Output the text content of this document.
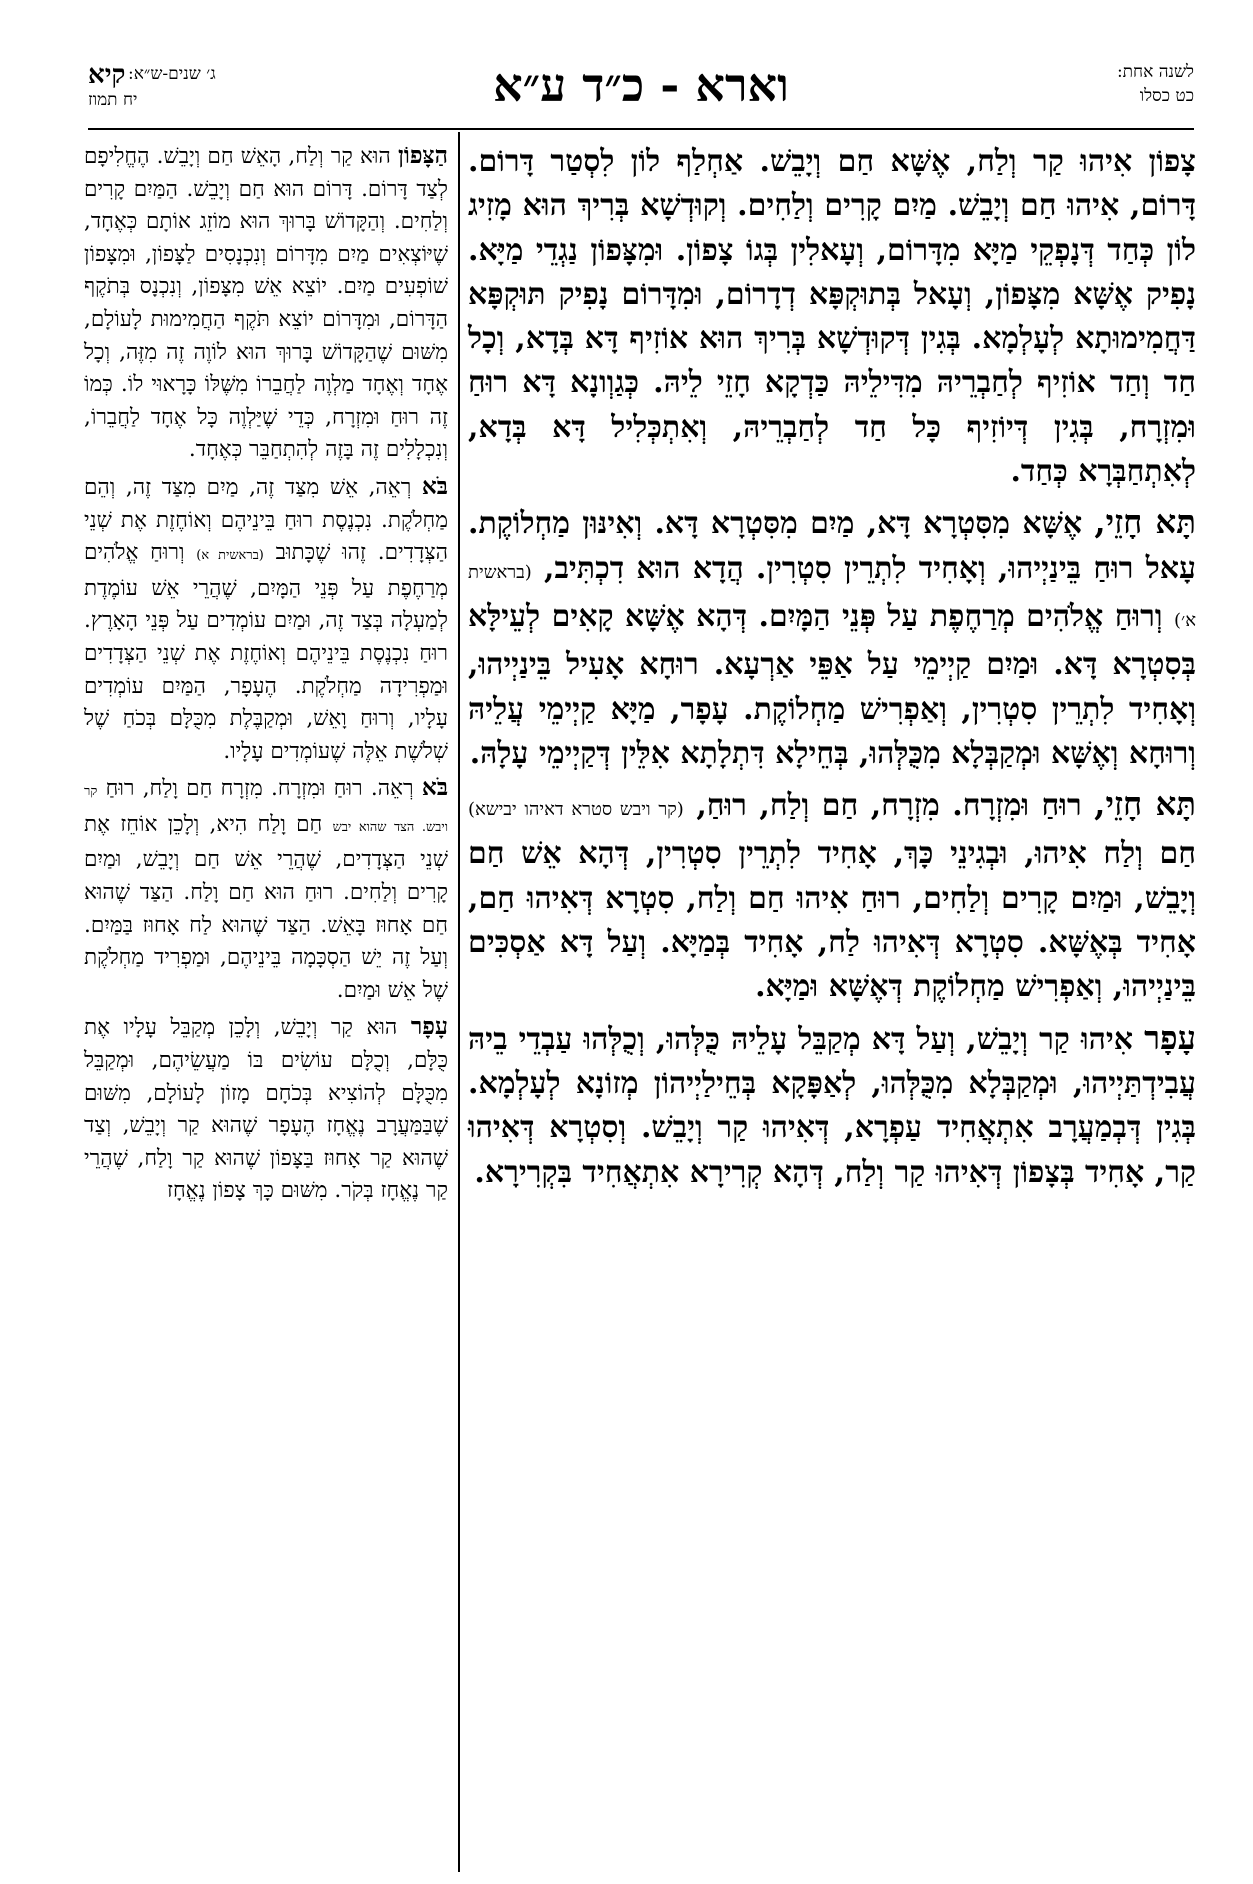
לשנה אחת:
כט כסלו
וארא - כ״ד ע״א
קיא ג׳ שנים-ש״א:
יח תמוז

צָפוֹן אִיהוּ קַר וְלַח, אֶשָּׁא חַם וְיָבֵשׁ. אַחְלַף לוֹן לִסְטַר דָּרוֹם. דָּרוֹם, אִיהוּ חַם וְיָבֵשׁ. מַיִם קָרִים וְלַחִים. וְקוּדְשָׁא בְּרִיךְ הוּא מָזִיג לוֹן כְּחַד דְּנָפְקֵי מַיָּא מִדָּרוֹם, וְעָאלִין בְּגוֹ צָפוֹן. וּמִצָּפוֹן נַגְדֵי מַיָּא. נָפִיק אֶשָּׁא מִצָּפוֹן, וְעָאל בְּתוּקְפָּא דְדָרוֹם, וּמִדָּרוֹם נָפִיק תּוּקְפָּא דַּחֲמִימוּתָא לְעָלְמָא. בְּגִין דְּקוּדְשָׁא בְּרִיךְ הוּא אוֹזִיף דָּא בְּדָא, וְכָל חַד וְחַד אוֹזִיף לְחַבְרֵיהּ מִדִּילֵיהּ כַּדְקָא חָזֵי לֵיהּ. כְּגַוְונָא דָּא רוּחַ וּמִזְרָח, בְּגִין דְּיוֹזִיף כָּל חַד לְחַבְרֵיהּ, וְאִתְכְּלִיל דָּא בְּדָא, לְאִתְחַבְּרָא כְּחַד.

תָּא חָזֵי, אֶשָּׁא מִסִּטְרָא דָּא, מַיִם מִסִּטְרָא דָּא. וְאִינּוּן מַחְלוֹקֶת. עָאל רוּחַ בֵּינַיְיהוּ, וְאָחִיד לִתְרֵין סִטְרִין. הֲדָא הוּא דִכְתִּיב, (בראשית א׳) וְרוּחַ אֱלֹהִים מְרַחֶפֶת עַל פְּנֵי הַמָּיִם. דְּהָא אֶשָּׁא קָאִים לְעֵילָּא בְּסִטְרָא דָּא. וּמַיִם קַיְימֵי עַל אַפֵּי אַרְעָא. רוּחָא אָעִיל בֵּינַיְיהוּ, וְאָחִיד לִתְרֵין סִטְרִין, וְאַפְרִישׁ מַחְלוֹקֶת. עָפָר, מַיָּא קַיְימֵי עֲלֵיהּ וְרוּחָא וְאֶשָּׁא וּמְקַבְּלָא מִכֻּלְּהוּ, בְּחֵילָא דִּתְלָתָא אִלֵּין דְּקַיְימֵי עָלָהּ.

תָּא חָזֵי, רוּחַ וּמִזְרָח. מִזְרָח, חַם וְלַח, רוּחַ, (קר ויבש סטרא דאיהו יבישא) חַם וְלַח אִיהוּ, וּבְגִינֵי כָּךְ, אָחִיד לִתְרֵין סִטְרִין, דְּהָא אֵשׁ חַם וְיָבֵשׁ, וּמַיִם קָרִים וְלַחִים, רוּחַ אִיהוּ חַם וְלַח, סִטְרָא דְּאִיהוּ חַם, אָחִיד בְּאֶשָּׁא. סִטְרָא דְּאִיהוּ לַח, אָחִיד בְּמַיָּא. וְעַל דָּא אַסְכִּים בֵּינַיְיהוּ, וְאַפְרִישׁ מַחְלוֹקֶת דְּאֶשָּׁא וּמַיָּא.

עָפָר אִיהוּ קַר וְיָבֵשׁ, וְעַל דָּא מְקַבֵּל עָלֵיהּ כֻּלְּהוּ, וְכֻלְּהוּ עַבְדֵי בֵיהּ עֲבִידְתַּיְיהוּ, וּמְקַבְּלָא מִכֻּלְּהוּ, לְאַפָּקָא בְּחֵילַיְיהוֹן מְזוֹנָא לְעָלְמָא. בְּגִין דְּבְמַעֲרָב אִתְאֲחִיד עַפְרָא, דְּאִיהוּ קַר וְיָבֵשׁ. וְסִטְרָא דְּאִיהוּ קַר, אָחִיד בְּצָפוֹן דְּאִיהוּ קַר וְלַח, דְּהָא קְרִירָא אִתְאֲחִיד בִּקְרִירָא.

הַצָּפוֹן הוּא קַר וְלַח, הָאֵשׁ חַם וְיָבֵשׁ. הֶחֱלִיפָם לְצַד דָּרוֹם. דָּרוֹם הוּא חַם וְיָבֵשׁ. הַמַּיִם קָרִים וְלַחִים. וְהַקָּדוֹשׁ בָּרוּךְ הוּא מוֹזֵג אוֹתָם כְּאֶחָד, שֶׁיּוֹצְאִים מַיִם מִדָּרוֹם וְנִכְנָסִים לַצָּפוֹן, וּמִצָּפוֹן שׁוֹפְעִים מַיִם. יוֹצֵא אֵשׁ מִצָּפוֹן, וְנִכְנָס בְּתֹקֶף הַדָּרוֹם, וּמִדָּרוֹם יוֹצֵא תֹּקֶף הַחֲמִימוּת לָעוֹלָם, מִשּׁוּם שֶׁהַקָּדוֹשׁ בָּרוּךְ הוּא לוֹוֶה זֶה מִזֶּה, וְכָל אֶחָד וְאֶחָד מַלְוֶה לַחֲבֵרוֹ מִשֶּׁלּוֹ כָּרָאוּי לוֹ. כְּמוֹ זֶה רוּחַ וּמִזְרָח, כְּדֵי שֶׁיַּלְוֶה כָּל אֶחָד לַחֲבֵרוֹ, וְנִכְלָלִים זֶה בָּזֶה לְהִתְחַבֵּר כְּאֶחָד.

בֹּא רְאֵה, אֵשׁ מִצַּד זֶה, מַיִם מִצַּד זֶה, וְהֵם מַחְלֹקֶת. נִכְנֶסֶת רוּחַ בֵּינֵיהֶם וְאוֹחֶזֶת אֶת שְׁנֵי הַצְּדָדִים. זֶהוּ שֶׁכָּתוּב (בראשית א) וְרוּחַ אֱלֹהִים מְרַחֶפֶת עַל פְּנֵי הַמָּיִם, שֶׁהֲרֵי אֵשׁ עוֹמֶדֶת לְמַעְלָה בְּצַד זֶה, וּמַיִם עוֹמְדִים עַל פְּנֵי הָאָרֶץ. רוּחַ נִכְנֶסֶת בֵּינֵיהֶם וְאוֹחֶזֶת אֶת שְׁנֵי הַצְּדָדִים וּמַפְרִידָה מַחְלֹקֶת. הֶעָפָר, הַמַּיִם עוֹמְדִים עָלָיו, וְרוּחַ וָאֵשׁ, וּמְקַבֶּלֶת מִכֻּלָּם בְּכֹחַ שֶׁל שְׁלֹשֶׁת אֵלֶּה שֶׁעוֹמְדִים עָלָיו.

בֹּא רְאֵה. רוּחַ וּמִזְרָח. מִזְרָח חַם וָלַח, רוּחַ קר ויבש. הצד שהוא יבש חַם וָלַח הִיא, וְלָכֵן אוֹחֵז אֶת שְׁנֵי הַצְּדָדִים, שֶׁהֲרֵי אֵשׁ חַם וְיָבֵשׁ, וּמַיִם קָרִים וְלַחִים. רוּחַ הוּא חַם וָלַח. הַצַּד שֶׁהוּא חַם אָחוּז בָּאֵשׁ. הַצַּד שֶׁהוּא לַח אָחוּז בַּמַּיִם. וְעַל זֶה יֵשׁ הַסְכָּמָה בֵּינֵיהֶם, וּמַפְרִיד מַחְלֹקֶת שֶׁל אֵשׁ וּמַיִם.

עָפָר הוּא קַר וְיָבֵשׁ, וְלָכֵן מְקַבֵּל עָלָיו אֶת כֻּלָּם, וְכֻלָּם עוֹשִׂים בּוֹ מַעֲשֵׂיהֶם, וּמְקַבֵּל מִכֻּלָּם לְהוֹצִיא בְּכֹחָם מָזוֹן לָעוֹלָם, מִשּׁוּם שֶׁבַּמַּעֲרָב נֶאֱחָז הֶעָפָר שֶׁהוּא קַר וְיָבֵשׁ, וְצַד שֶׁהוּא קַר אָחוּז בַּצָּפוֹן שֶׁהוּא קַר וָלַח, שֶׁהֲרֵי קַר נֶאֱחָז בְּקֹר. מִשּׁוּם כָּךְ צָפוֹן נֶאֱחָז
